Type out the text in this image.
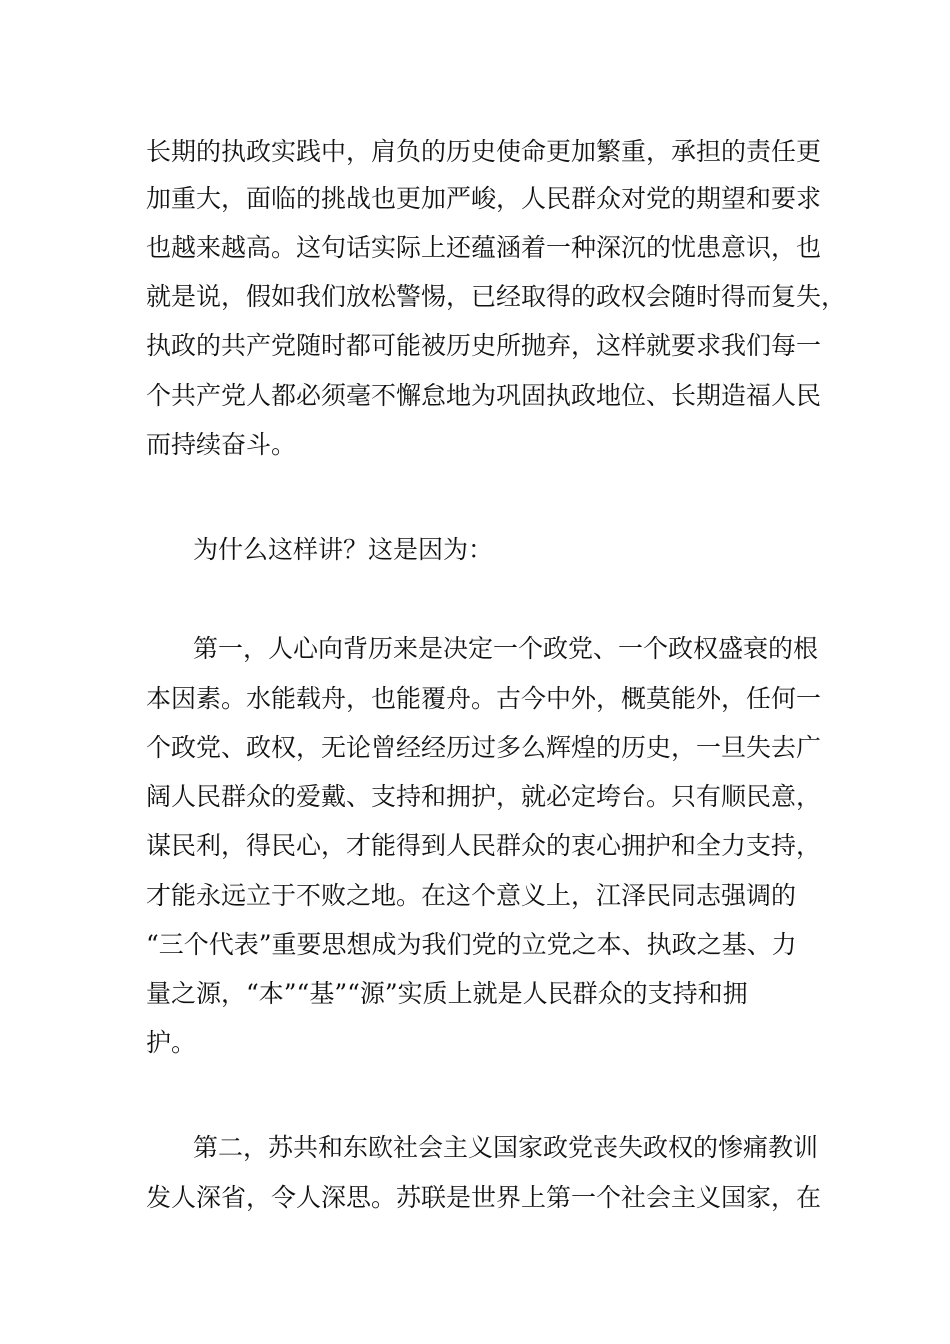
长期的执政实践中，肩负的历史使命更加繁重，承担的责任更
加重大，面临的挑战也更加严峻，人民群众对党的期望和要求
也越来越高。这句话实际上还蕴涵着一种深沉的忧患意识，也
就是说，假如我们放松警惕，已经取得的政权会随时得而复失，
执政的共产党随时都可能被历史所抛弃，这样就要求我们每一
个共产党人都必须毫不懈怠地为巩固执政地位、长期造福人民
而持续奋斗。
为什么这样讲？这是因为：
第一，人心向背历来是决定一个政党、一个政权盛衰的根
本因素。水能载舟，也能覆舟。古今中外，概莫能外，任何一
个政党、政权，无论曾经经历过多么辉煌的历史，一旦失去广
阔人民群众的爱戴、支持和拥护，就必定垮台。只有顺民意，
谋民利，得民心，才能得到人民群众的衷心拥护和全力支持，
才能永远立于不败之地。在这个意义上，江泽民同志强调的
“三个代表”重要思想成为我们党的立党之本、执政之基、力
量之源，“本”“基”“源”实质上就是人民群众的支持和拥
护。
第二，苏共和东欧社会主义国家政党丧失政权的惨痛教训
发人深省，令人深思。苏联是世界上第一个社会主义国家，在
